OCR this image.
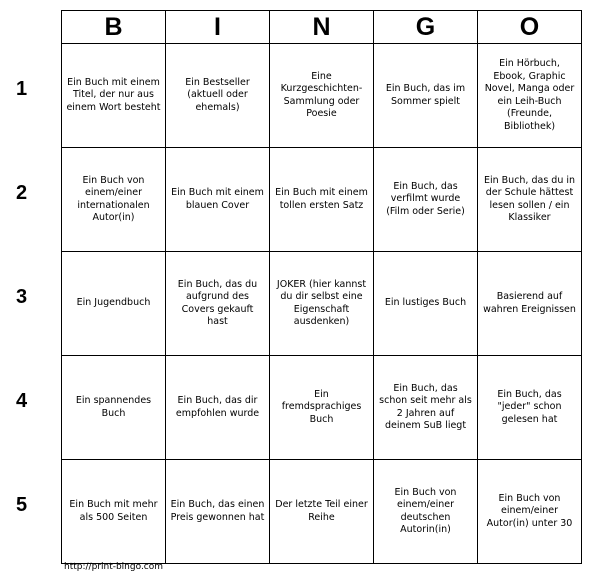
1
2
3
4
5
B	I	N	G	O

Ein Buch mit einem Titel, der nur aus einem Wort besteht	Ein Bestseller (aktuell oder ehemals)	Eine Kurzgeschichten-Sammlung oder Poesie	Ein Buch, das im Sommer spielt	Ein Hörbuch, Ebook, Graphic Novel, Manga oder ein Leih-Buch (Freunde, Bibliothek)

Ein Buch von einem/einer internationalen Autor(in)	Ein Buch mit einem blauen Cover	Ein Buch mit einem tollen ersten Satz	Ein Buch, das verfilmt wurde (Film oder Serie)	Ein Buch, das du in der Schule hättest lesen sollen / ein Klassiker

Ein Jugendbuch	Ein Buch, das du aufgrund des Covers gekauft hast	JOKER (hier kannst du dir selbst eine Eigenschaft ausdenken)	Ein lustiges Buch	Basierend auf wahren Ereignissen

Ein spannendes Buch	Ein Buch, das dir empfohlen wurde	Ein fremdsprachiges Buch	Ein Buch, das schon seit mehr als 2 Jahren auf deinem SuB liegt	Ein Buch, das "jeder" schon gelesen hat

Ein Buch mit mehr als 500 Seiten	Ein Buch, das einen Preis gewonnen hat	Der letzte Teil einer Reihe	Ein Buch von einem/einer deutschen Autorin(in)	Ein Buch von einem/einer Autor(in) unter 30
http://print-bingo.com
